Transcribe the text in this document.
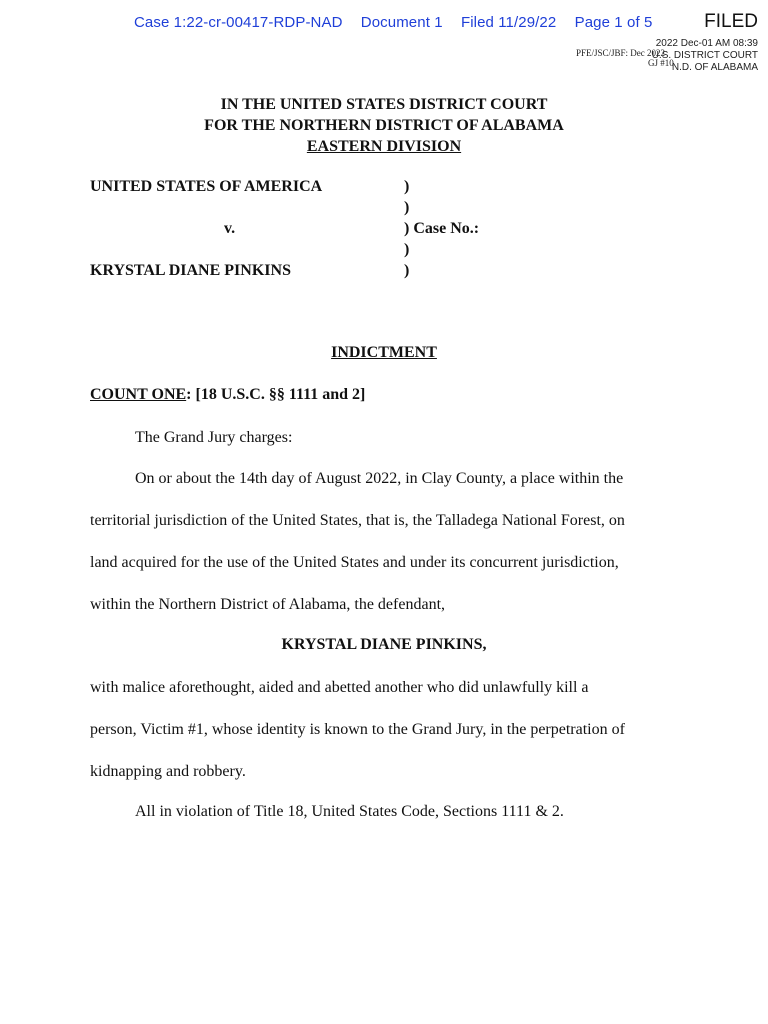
Case 1:22-cr-00417-RDP-NAD Document 1 Filed 11/29/22 Page 1 of 5	FILED
2022 Dec-01 AM 08:39
U.S. DISTRICT COURT
N.D. OF ALABAMA
PFE/JSC/JBF: Dec 2022
GJ #10
IN THE UNITED STATES DISTRICT COURT
FOR THE NORTHERN DISTRICT OF ALABAMA
EASTERN DIVISION
UNITED STATES OF AMERICA
v.
KRYSTAL DIANE PINKINS
)
)
) Case No.:
)
)
INDICTMENT
COUNT ONE: [18 U.S.C. §§ 1111 and 2]
The Grand Jury charges:
On or about the 14th day of August 2022, in Clay County, a place within the
territorial jurisdiction of the United States, that is, the Talladega National Forest, on
land acquired for the use of the United States and under its concurrent jurisdiction,
within the Northern District of Alabama, the defendant,
KRYSTAL DIANE PINKINS,
with malice aforethought, aided and abetted another who did unlawfully kill a
person, Victim #1, whose identity is known to the Grand Jury, in the perpetration of
kidnapping and robbery.
All in violation of Title 18, United States Code, Sections 1111 & 2.
